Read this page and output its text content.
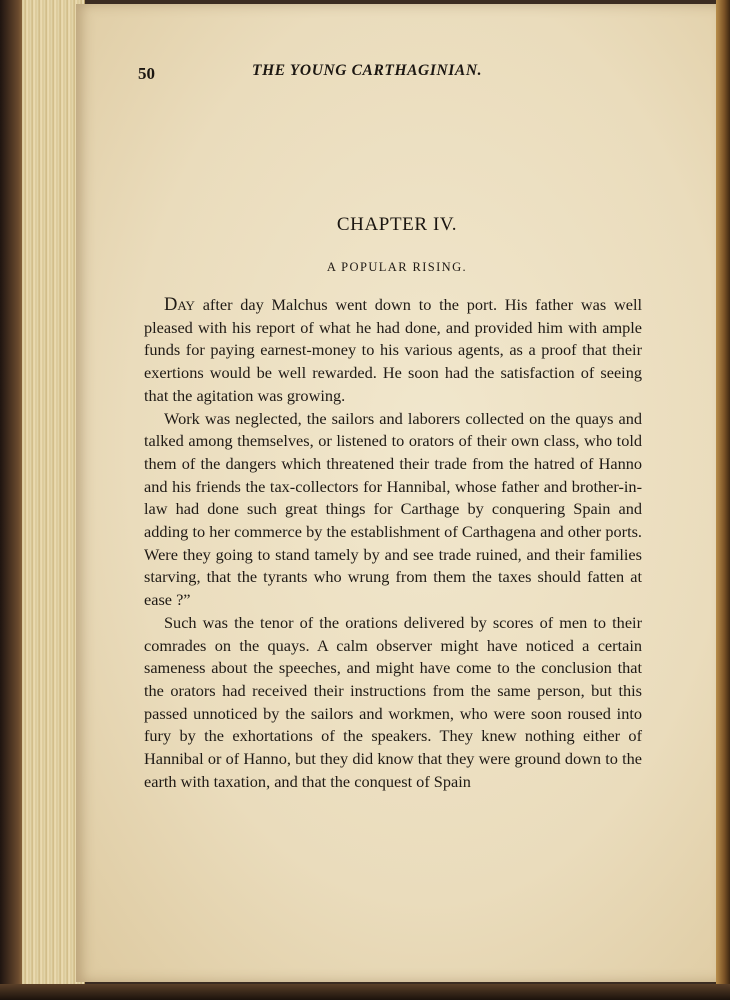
50	THE YOUNG CARTHAGINIAN.
CHAPTER IV.
A POPULAR RISING.

Day after day Malchus went down to the port. His father was well pleased with his report of what he had done, and provided him with ample funds for paying earnest-money to his various agents, as a proof that their exertions would be well rewarded. He soon had the satisfaction of seeing that the agitation was growing.

Work was neglected, the sailors and laborers collected on the quays and talked among themselves, or listened to orators of their own class, who told them of the dangers which threatened their trade from the hatred of Hanno and his friends the tax-collectors for Hannibal, whose father and brother-in-law had done such great things for Carthage by conquering Spain and adding to her commerce by the establishment of Carthagena and other ports. Were they going to stand tamely by and see trade ruined, and their families starving, that the tyrants who wrung from them the taxes should fatten at ease ?”

Such was the tenor of the orations delivered by scores of men to their comrades on the quays. A calm observer might have noticed a certain sameness about the speeches, and might have come to the conclusion that the orators had received their instructions from the same person, but this passed unnoticed by the sailors and workmen, who were soon roused into fury by the exhortations of the speakers. They knew nothing either of Hannibal or of Hanno, but they did know that they were ground down to the earth with taxation, and that the conquest of Spain
